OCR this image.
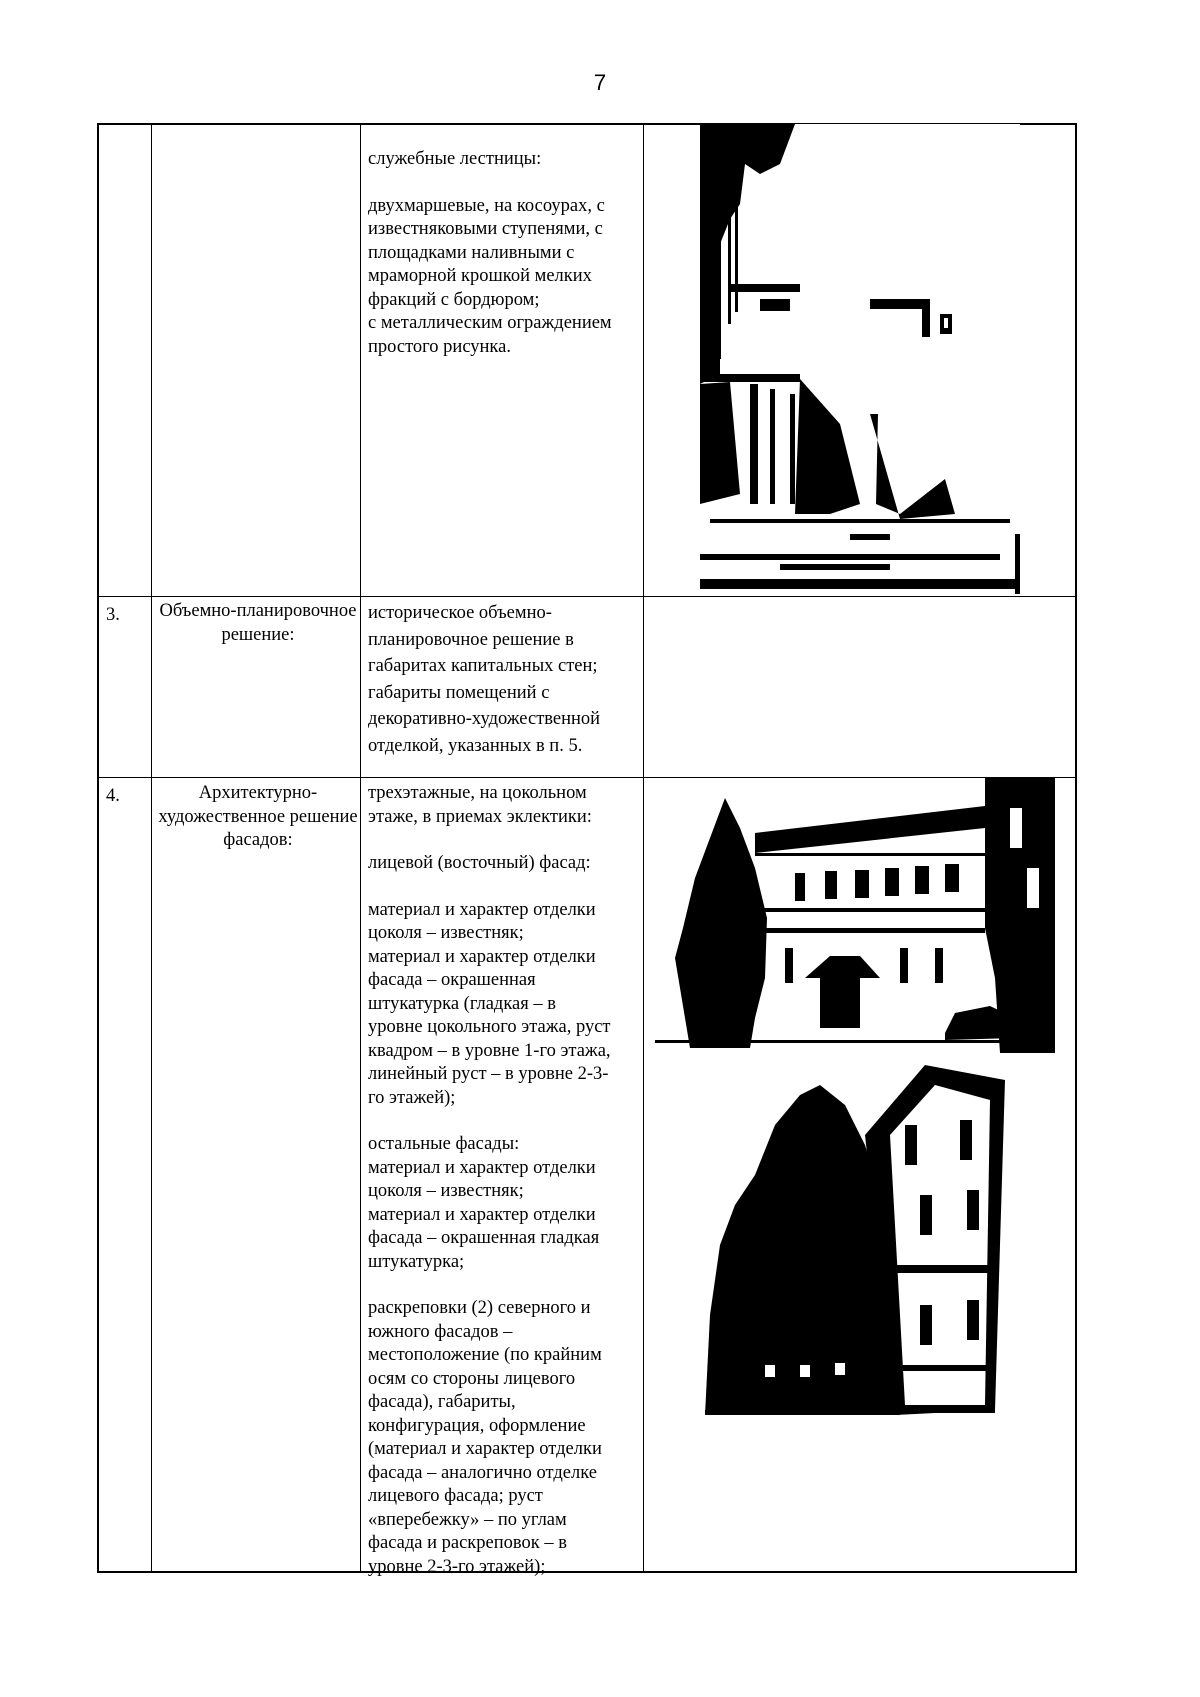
7

служебные лестницы:

двухмаршевые, на косоурах, с
известняковыми ступенями, с
площадками наливными с
мраморной крошкой мелких
фракций с бордюром;
с металлическим ограждением
простого рисунка.

3. Объемно-планировочное решение:

историческое объемно-
планировочное решение в
габаритах капитальных стен;
габариты помещений с
декоративно-художественной
отделкой, указанных в п. 5.

4.	Архитектурно-художественное решение фасадов:

трехэтажные, на цокольном
этаже, в приемах эклектики:

лицевой (восточный) фасад:

материал и характер отделки
цоколя – известняк;
материал и характер отделки
фасада – окрашенная
штукатурка (гладкая – в
уровне цокольного этажа, руст
квадром – в уровне 1-го этажа,
линейный руст – в уровне 2-3-
го этажей);

остальные фасады:
материал и характер отделки
цоколя – известняк;
материал и характер отделки
фасада – окрашенная гладкая
штукатурка;

раскреповки (2) северного и
южного фасадов –
местоположение (по крайним
осям со стороны лицевого
фасада), габариты,
конфигурация, оформление
(материал и характер отделки
фасада – аналогично отделке
лицевого фасада; руст
«вперебежку» – по углам
фасада и раскреповок – в
уровне 2-3-го этажей);
